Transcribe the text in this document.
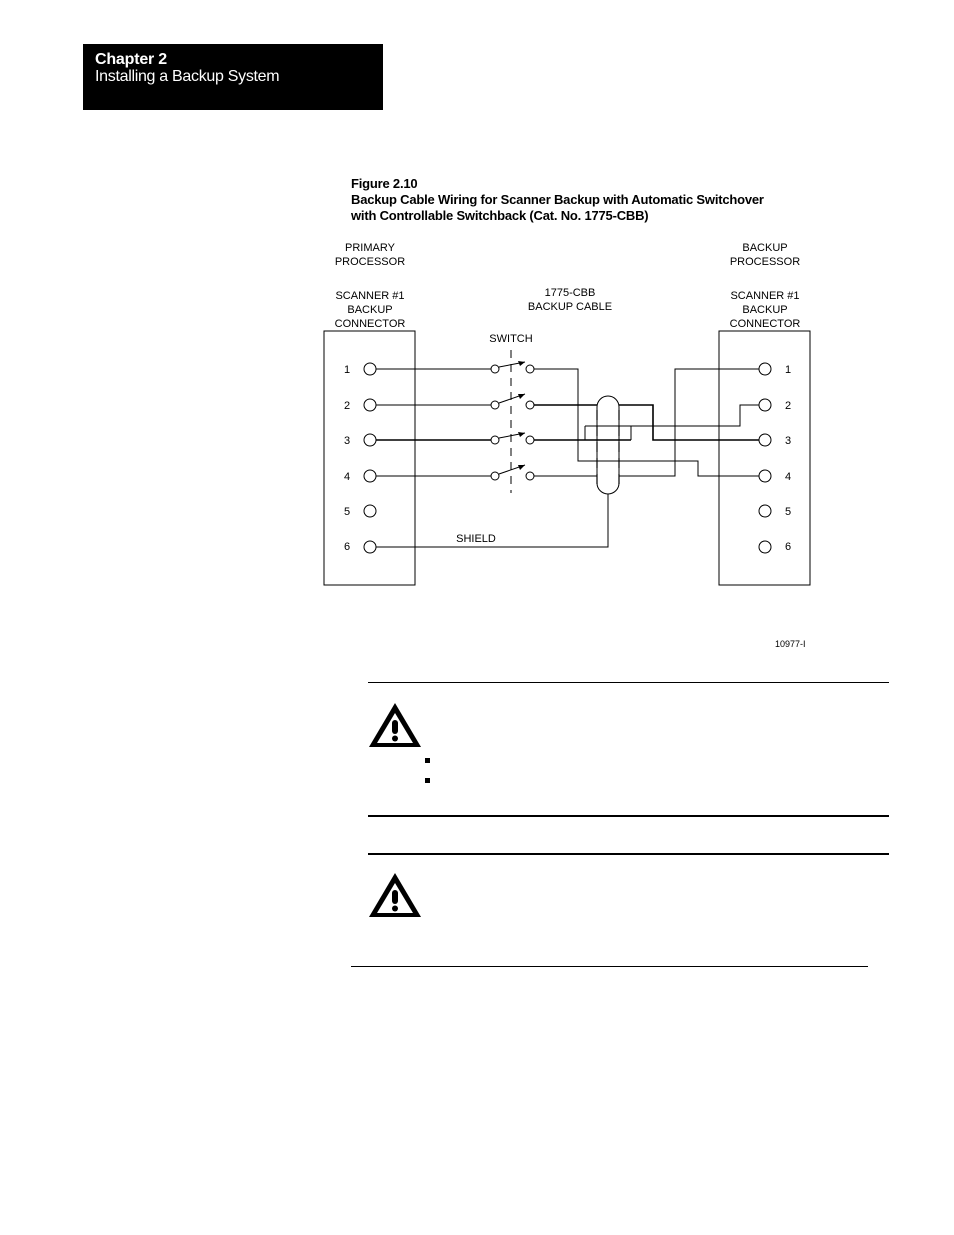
Chapter 2
Installing a Backup System
Figure 2.10
Backup Cable Wiring for Scanner Backup with Automatic Switchover
with Controllable Switchback (Cat. No. 1775-CBB)
PRIMARY
PROCESSOR
SCANNER #1
BACKUP
CONNECTOR
BACKUP
PROCESSOR
SCANNER #1
BACKUP
CONNECTOR
1775-CBB
BACKUP CABLE
SWITCH
SHIELD
10977-I
1
2
3
4
5
6
1
2
3
4
5
6
